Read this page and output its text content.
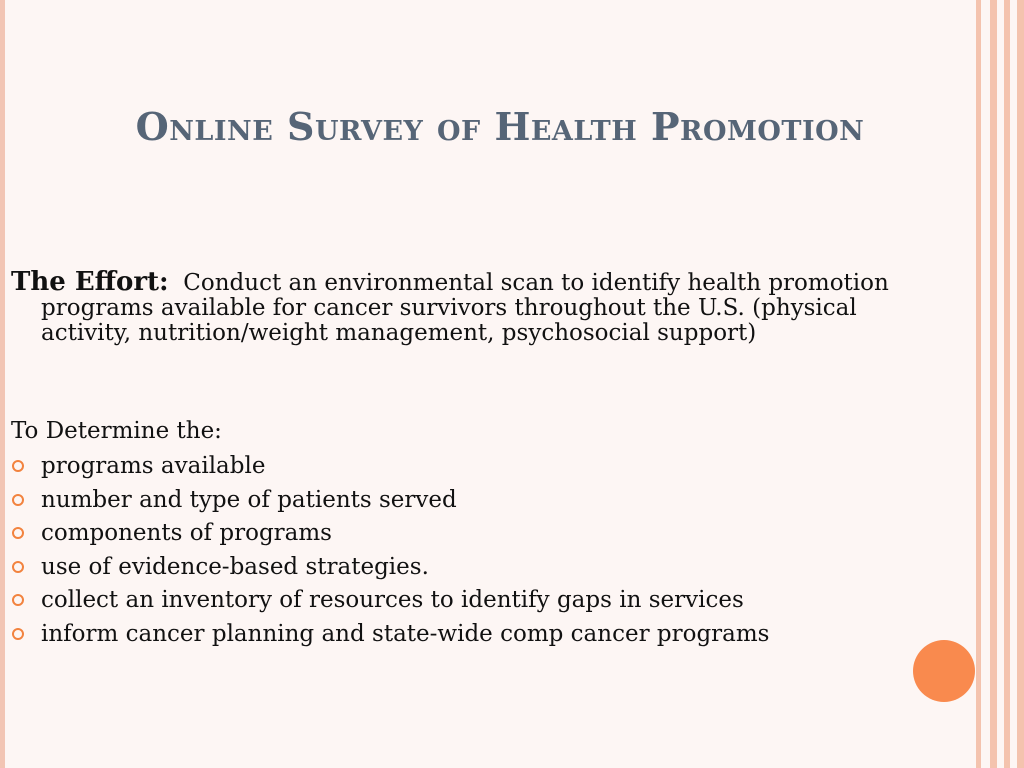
Online Survey of Health Promotion

The Effort: Conduct an environmental scan to identify health promotion programs available for cancer survivors throughout the U.S. (physical activity, nutrition/weight management, psychosocial support)

To Determine the:

programs available
number and type of patients served
components of programs
use of evidence-based strategies.
collect an inventory of resources to identify gaps in services
inform cancer planning and state-wide comp cancer programs
